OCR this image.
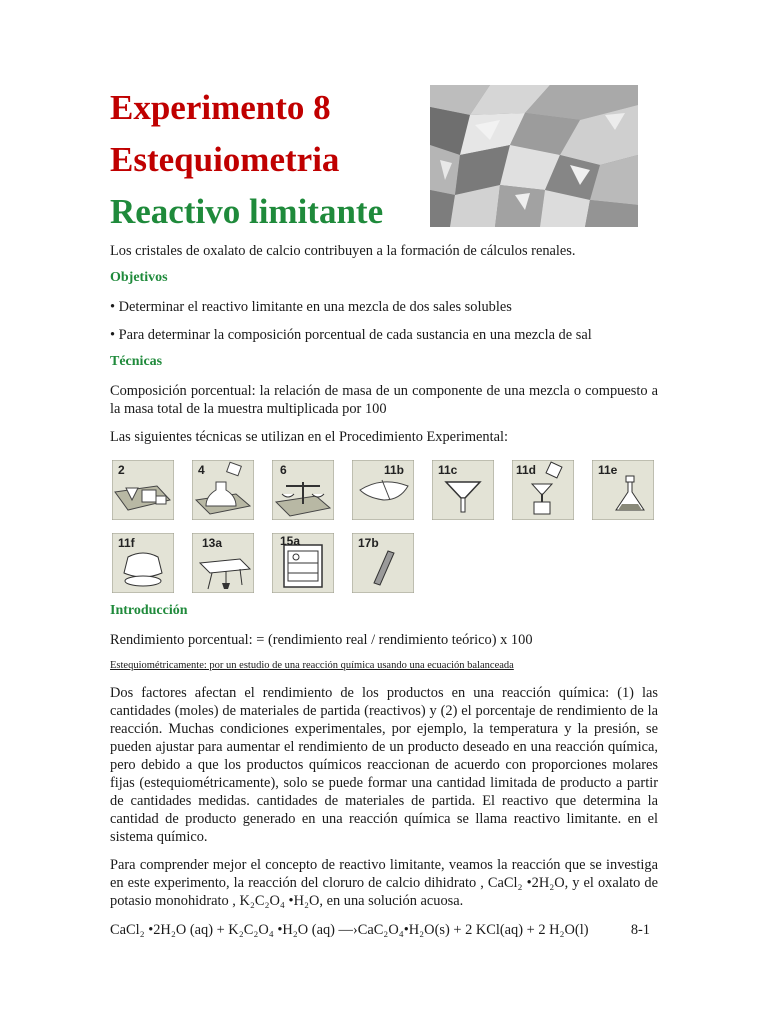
Experimento 8
Estequiometria
Reactivo limitante

Los cristales de oxalato de calcio contribuyen a la formación de cálculos renales.

Objetivos

• Determinar el reactivo limitante en una mezcla de dos sales solubles

• Para determinar la composición porcentual de cada sustancia en una mezcla de sal

Técnicas

Composición porcentual: la relación de masa de un componente de una mezcla o compuesto a la masa total de la muestra multiplicada por 100

Las siguientes técnicas se utilizan en el Procedimiento Experimental:

2	4	6	11b	11c	11d	11e
11f	13a	15a	17b
Introducción

Rendimiento porcentual: = (rendimiento real / rendimiento teórico) x 100

Estequiométricamente: por un estudio de una reacción química usando una ecuación balanceada

Dos factores afectan el rendimiento de los productos en una reacción química: (1) las cantidades (moles) de materiales de partida (reactivos) y (2) el porcentaje de rendimiento de la reacción. Muchas condiciones experimentales, por ejemplo, la temperatura y la presión, se pueden ajustar para aumentar el rendimiento de un producto deseado en una reacción química, pero debido a que los productos químicos reaccionan de acuerdo con proporciones molares fijas (estequiométricamente), solo se puede formar una cantidad limitada de producto a partir de cantidades medidas. cantidades de materiales de partida. El reactivo que determina la cantidad de producto generado en una reacción química se llama reactivo limitante. en el sistema químico.

Para comprender mejor el concepto de reactivo limitante, veamos la reacción que se investiga en este experimento, la reacción del cloruro de calcio dihidrato , CaCl₂ •2H₂O, y el oxalato de potasio monohidrato , K₂C₂O₄ •H₂O, en una solución acuosa.

CaCl₂ •2H₂O (aq) + K₂C₂O₄ •H₂O (aq) —›CaC₂O₄•H₂O(s) + 2 KCl(aq) + 2 H₂O(l)	8-1
